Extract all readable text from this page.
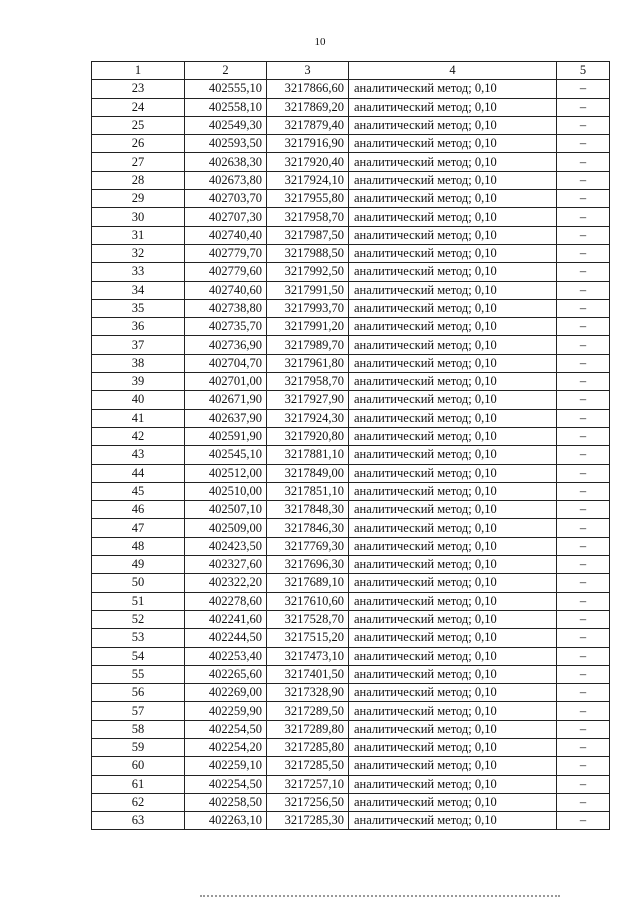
10
1	2	3	4	5
23	402555,10	3217866,60	аналитический метод; 0,10	–
24	402558,10	3217869,20	аналитический метод; 0,10	–
25	402549,30	3217879,40	аналитический метод; 0,10	–
26	402593,50	3217916,90	аналитический метод; 0,10	–
27	402638,30	3217920,40	аналитический метод; 0,10	–
28	402673,80	3217924,10	аналитический метод; 0,10	–
29	402703,70	3217955,80	аналитический метод; 0,10	–
30	402707,30	3217958,70	аналитический метод; 0,10	–
31	402740,40	3217987,50	аналитический метод; 0,10	–
32	402779,70	3217988,50	аналитический метод; 0,10	–
33	402779,60	3217992,50	аналитический метод; 0,10	–
34	402740,60	3217991,50	аналитический метод; 0,10	–
35	402738,80	3217993,70	аналитический метод; 0,10	–
36	402735,70	3217991,20	аналитический метод; 0,10	–
37	402736,90	3217989,70	аналитический метод; 0,10	–
38	402704,70	3217961,80	аналитический метод; 0,10	–
39	402701,00	3217958,70	аналитический метод; 0,10	–
40	402671,90	3217927,90	аналитический метод; 0,10	–
41	402637,90	3217924,30	аналитический метод; 0,10	–
42	402591,90	3217920,80	аналитический метод; 0,10	–
43	402545,10	3217881,10	аналитический метод; 0,10	–
44	402512,00	3217849,00	аналитический метод; 0,10	–
45	402510,00	3217851,10	аналитический метод; 0,10	–
46	402507,10	3217848,30	аналитический метод; 0,10	–
47	402509,00	3217846,30	аналитический метод; 0,10	–
48	402423,50	3217769,30	аналитический метод; 0,10	–
49	402327,60	3217696,30	аналитический метод; 0,10	–
50	402322,20	3217689,10	аналитический метод; 0,10	–
51	402278,60	3217610,60	аналитический метод; 0,10	–
52	402241,60	3217528,70	аналитический метод; 0,10	–
53	402244,50	3217515,20	аналитический метод; 0,10	–
54	402253,40	3217473,10	аналитический метод; 0,10	–
55	402265,60	3217401,50	аналитический метод; 0,10	–
56	402269,00	3217328,90	аналитический метод; 0,10	–
57	402259,90	3217289,50	аналитический метод; 0,10	–
58	402254,50	3217289,80	аналитический метод; 0,10	–
59	402254,20	3217285,80	аналитический метод; 0,10	–
60	402259,10	3217285,50	аналитический метод; 0,10	–
61	402254,50	3217257,10	аналитический метод; 0,10	–
62	402258,50	3217256,50	аналитический метод; 0,10	–
63	402263,10	3217285,30	аналитический метод; 0,10	–
